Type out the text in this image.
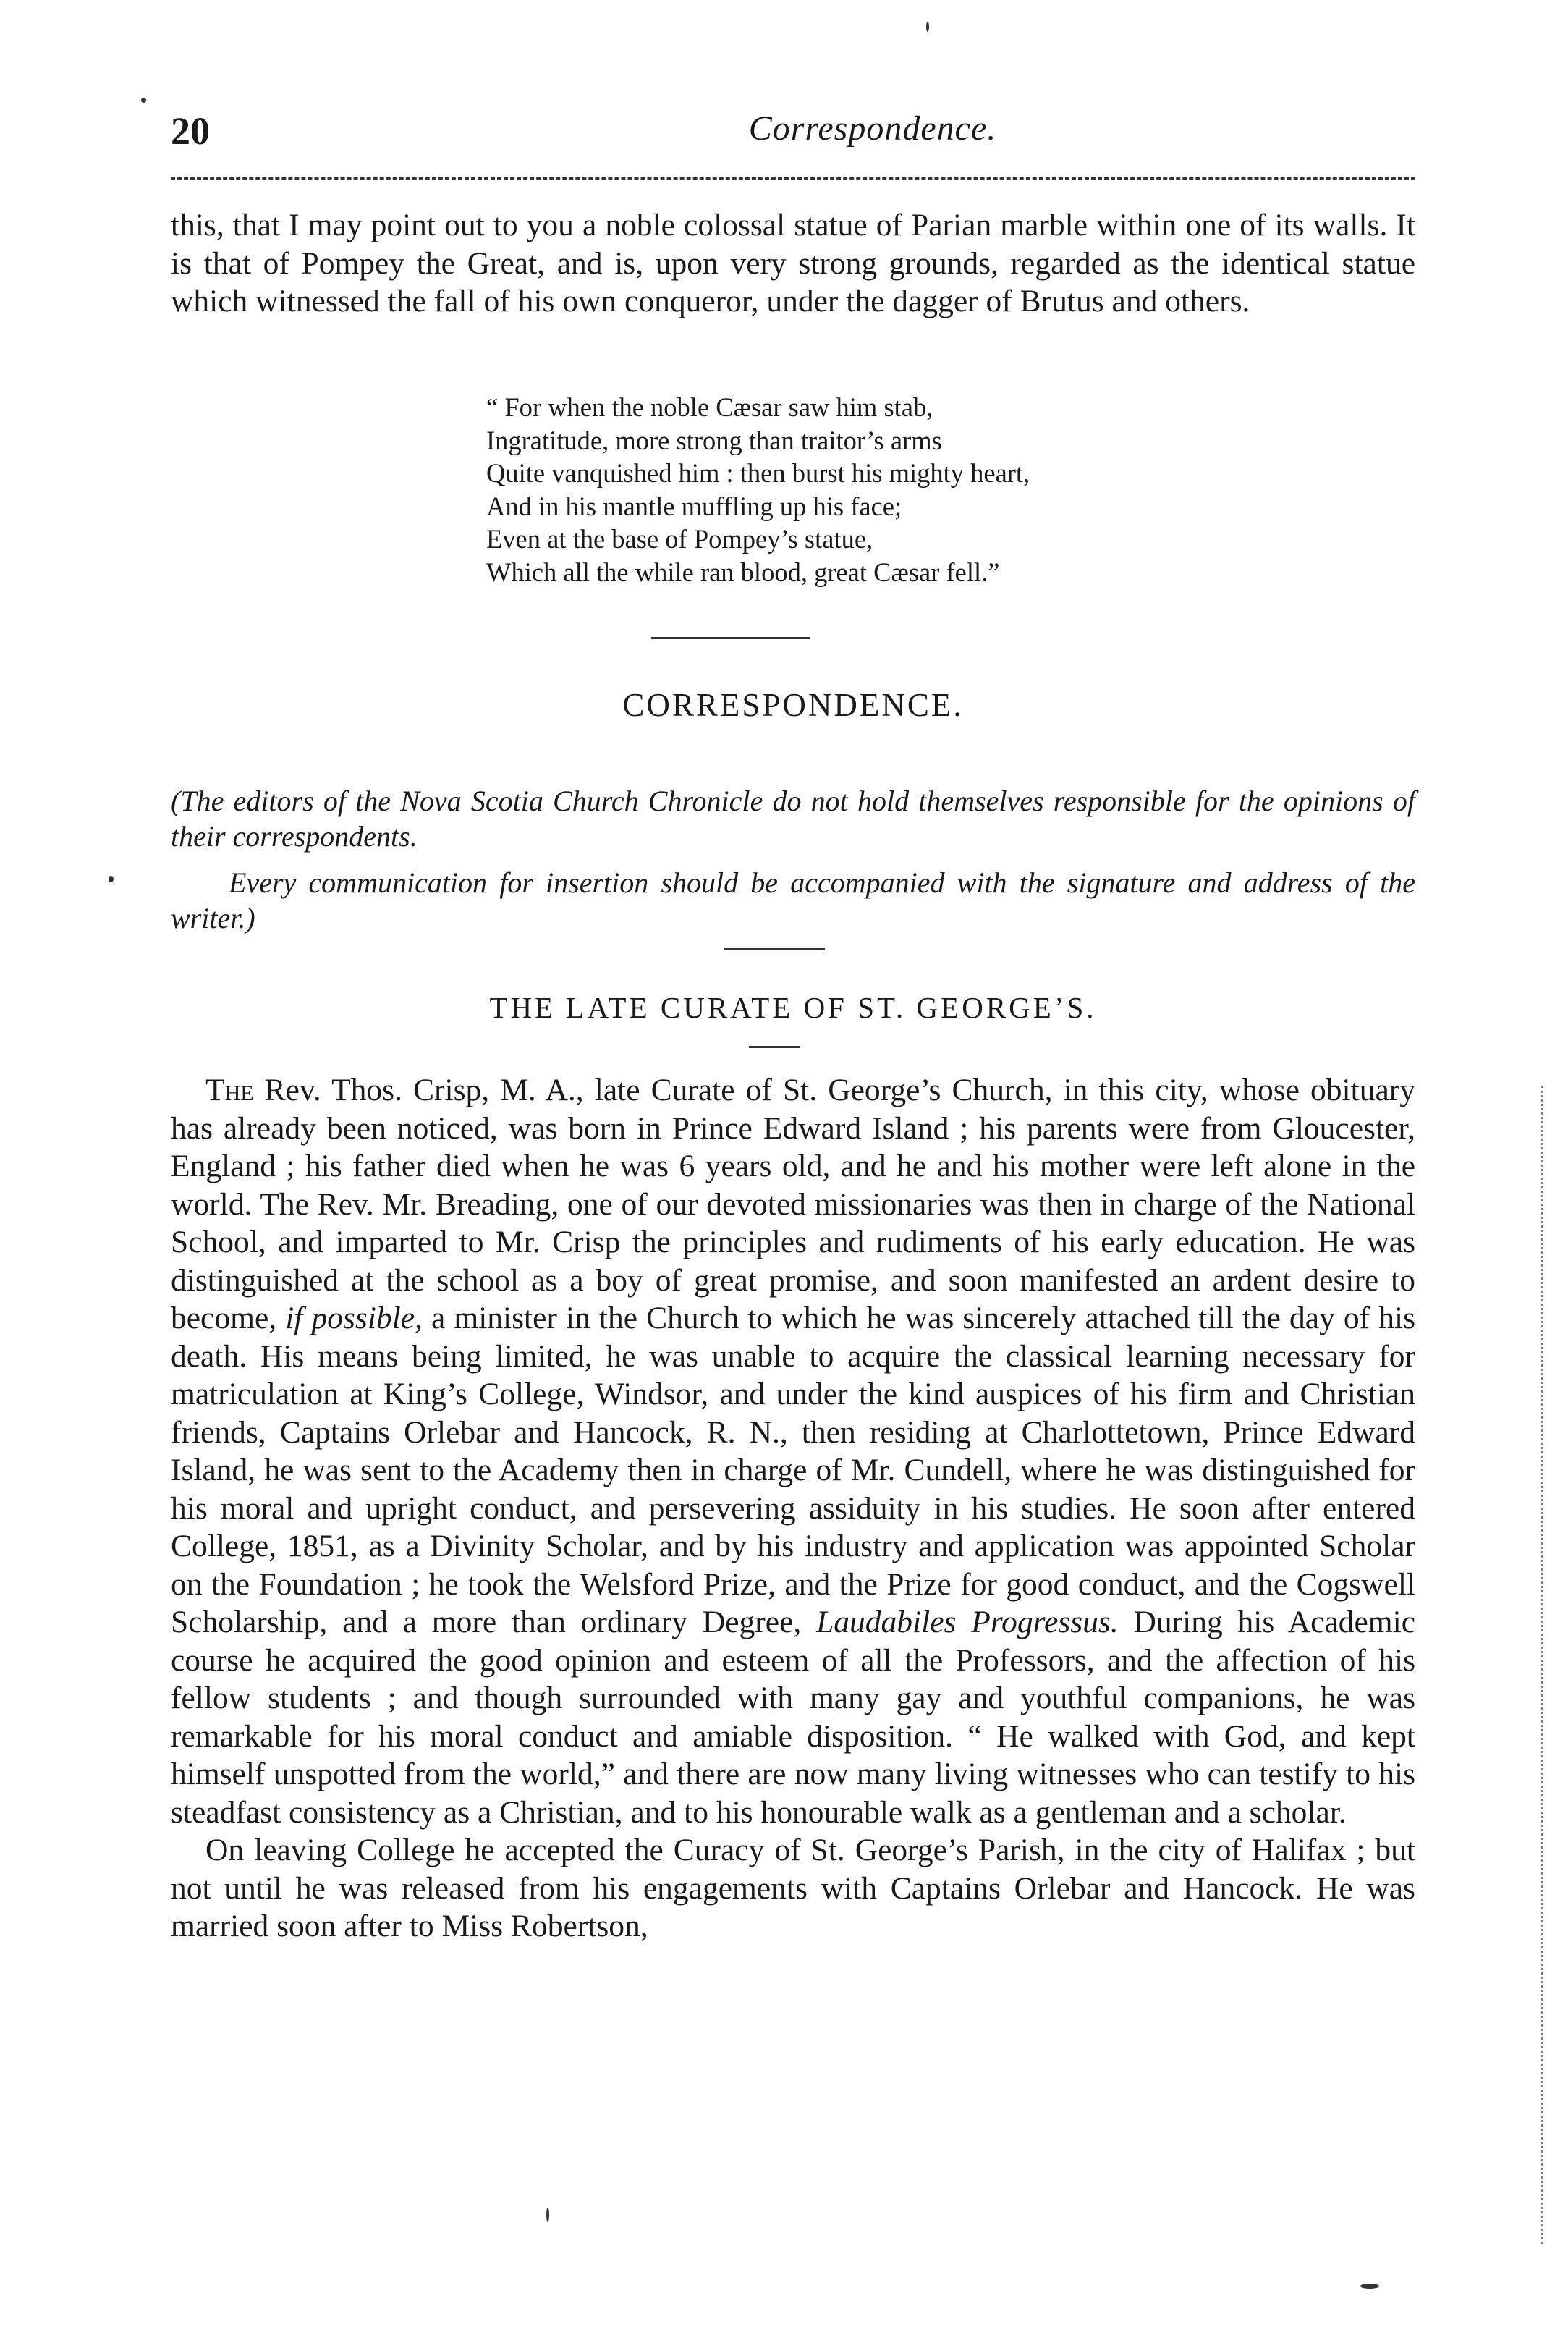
20	Correspondence.

this, that I may point out to you a noble colossal statue of Parian marble within one of its walls. It is that of Pompey the Great, and is, upon very strong grounds, regarded as the identical statue which witnessed the fall of his own conqueror, under the dagger of Brutus and others.

“ For when the noble Cæsar saw him stab,
Ingratitude, more strong than traitor’s arms
Quite vanquished him : then burst his mighty heart,
And in his mantle muffling up his face;
Even at the base of Pompey’s statue,
Which all the while ran blood, great Cæsar fell.”
CORRESPONDENCE.

(The editors of the Nova Scotia Church Chronicle do not hold themselves responsible for the opinions of their correspondents.

Every communication for insertion should be accompanied with the signature and address of the writer.)

THE LATE CURATE OF ST. GEORGE’S.

The Rev. Thos. Crisp, M. A., late Curate of St. George’s Church, in this city, whose obituary has already been noticed, was born in Prince Edward Island ; his parents were from Gloucester, England ; his father died when he was 6 years old, and he and his mother were left alone in the world. The Rev. Mr. Breading, one of our devoted missionaries was then in charge of the National School, and imparted to Mr. Crisp the principles and rudiments of his early education. He was distinguished at the school as a boy of great promise, and soon manifested an ardent desire to become, if possible, a minister in the Church to which he was sincerely attached till the day of his death. His means being limited, he was unable to acquire the classical learning necessary for matriculation at King’s College, Windsor, and under the kind auspices of his firm and Christian friends, Captains Orlebar and Hancock, R. N., then residing at Charlottetown, Prince Edward Island, he was sent to the Academy then in charge of Mr. Cundell, where he was distinguished for his moral and upright conduct, and persevering assiduity in his studies. He soon after entered College, 1851, as a Divinity Scholar, and by his industry and application was appointed Scholar on the Foundation ; he took the Welsford Prize, and the Prize for good conduct, and the Cogswell Scholarship, and a more than ordinary Degree, Laudabiles Progressus. During his Academic course he acquired the good opinion and esteem of all the Professors, and the affection of his fellow students ; and though surrounded with many gay and youthful companions, he was remarkable for his moral conduct and amiable disposition. “ He walked with God, and kept himself unspotted from the world,” and there are now many living witnesses who can testify to his steadfast consistency as a Christian, and to his honourable walk as a gentleman and a scholar.

On leaving College he accepted the Curacy of St. George’s Parish, in the city of Halifax ; but not until he was released from his engagements with Captains Orlebar and Hancock. He was married soon after to Miss Robertson,
